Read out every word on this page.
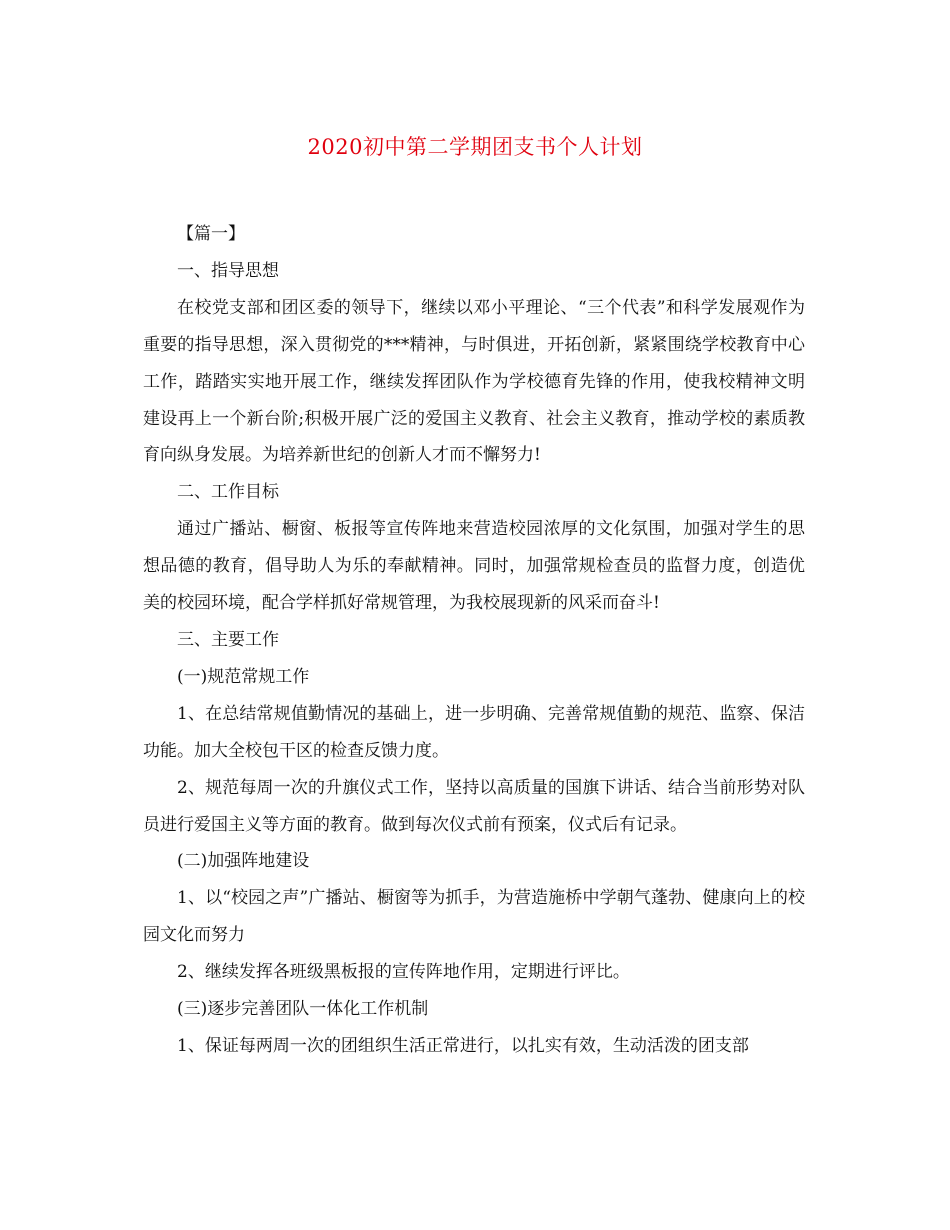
2020初中第二学期团支书个人计划

【篇一】

一、指导思想

在校党支部和团区委的领导下，继续以邓小平理论、“三个代表”和科学发展观作为重要的指导思想，深入贯彻党的***精神，与时俱进，开拓创新，紧紧围绕学校教育中心工作，踏踏实实地开展工作，继续发挥团队作为学校德育先锋的作用，使我校精神文明建设再上一个新台阶;积极开展广泛的爱国主义教育、社会主义教育，推动学校的素质教育向纵身发展。为培养新世纪的创新人才而不懈努力!

二、工作目标

通过广播站、橱窗、板报等宣传阵地来营造校园浓厚的文化氛围，加强对学生的思想品德的教育，倡导助人为乐的奉献精神。同时，加强常规检查员的监督力度，创造优美的校园环境，配合学样抓好常规管理，为我校展现新的风采而奋斗!

三、主要工作

(一)规范常规工作

1、在总结常规值勤情况的基础上，进一步明确、完善常规值勤的规范、监察、保洁功能。加大全校包干区的检查反馈力度。

2、规范每周一次的升旗仪式工作，坚持以高质量的国旗下讲话、结合当前形势对队员进行爱国主义等方面的教育。做到每次仪式前有预案，仪式后有记录。

(二)加强阵地建设

1、以“校园之声”广播站、橱窗等为抓手，为营造施桥中学朝气蓬勃、健康向上的校园文化而努力

2、继续发挥各班级黑板报的宣传阵地作用，定期进行评比。

(三)逐步完善团队一体化工作机制

1、保证每两周一次的团组织生活正常进行，以扎实有效，生动活泼的团支部
